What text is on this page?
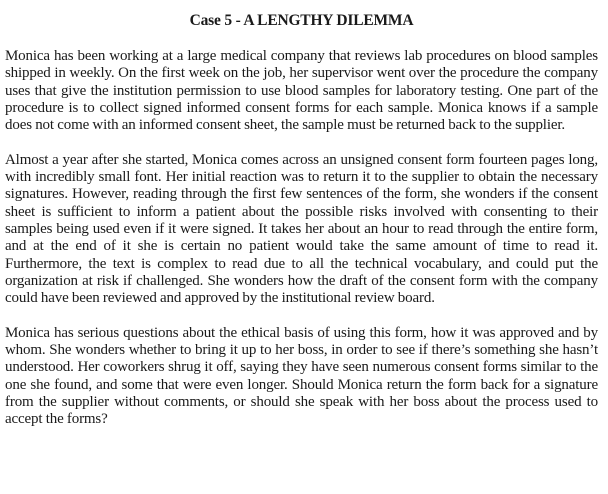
Case 5 - A LENGTHY DILEMMA

Monica has been working at a large medical company that reviews lab procedures on blood samples shipped in weekly. On the first week on the job, her supervisor went over the procedure the company uses that give the institution permission to use blood samples for laboratory testing. One part of the procedure is to collect signed informed consent forms for each sample. Monica knows if a sample does not come with an informed consent sheet, the sample must be returned back to the supplier.

Almost a year after she started, Monica comes across an unsigned consent form fourteen pages long, with incredibly small font. Her initial reaction was to return it to the supplier to obtain the necessary signatures. However, reading through the first few sentences of the form, she wonders if the consent sheet is sufficient to inform a patient about the possible risks involved with consenting to their samples being used even if it were signed. It takes her about an hour to read through the entire form, and at the end of it she is certain no patient would take the same amount of time to read it. Furthermore, the text is complex to read due to all the technical vocabulary, and could put the organization at risk if challenged. She wonders how the draft of the consent form with the company could have been reviewed and approved by the institutional review board.

Monica has serious questions about the ethical basis of using this form, how it was approved and by whom. She wonders whether to bring it up to her boss, in order to see if there’s something she hasn’t understood. Her coworkers shrug it off, saying they have seen numerous consent forms similar to the one she found, and some that were even longer. Should Monica return the form back for a signature from the supplier without comments, or should she speak with her boss about the process used to accept the forms?
